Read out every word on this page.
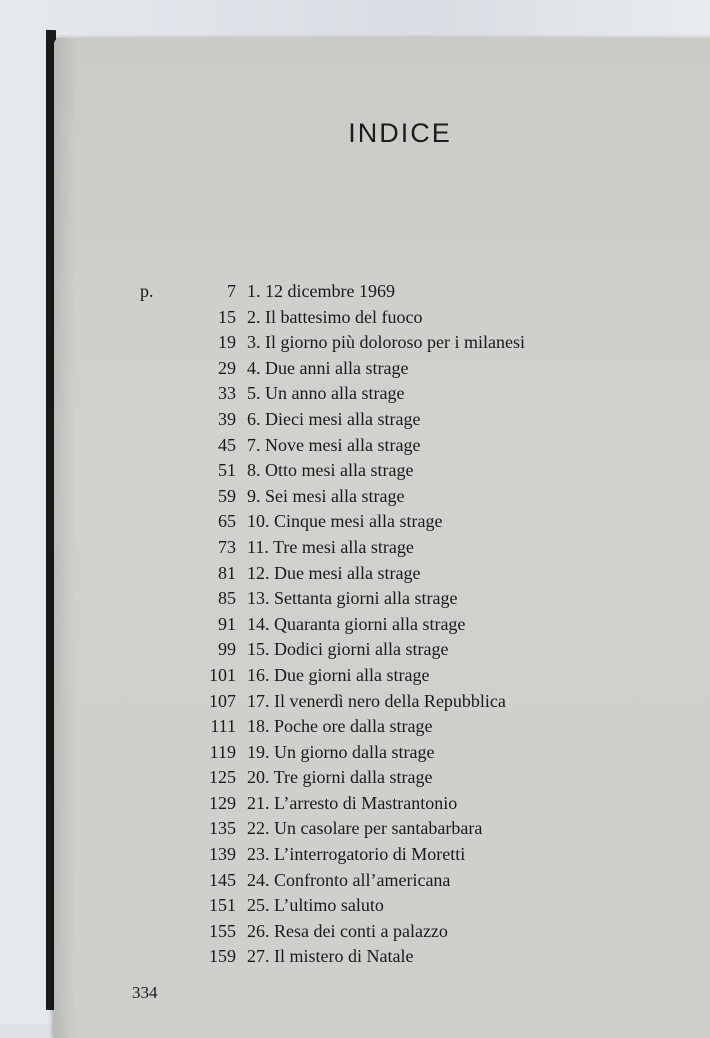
INDICE
p.	7 1. 12 dicembre 1969
15 2. Il battesimo del fuoco
19 3. Il giorno più doloroso per i milanesi
29 4. Due anni alla strage
33 5. Un anno alla strage
39 6. Dieci mesi alla strage
45 7. Nove mesi alla strage
51 8. Otto mesi alla strage
59 9. Sei mesi alla strage
65 10. Cinque mesi alla strage
73 11. Tre mesi alla strage
81 12. Due mesi alla strage
85 13. Settanta giorni alla strage
91 14. Quaranta giorni alla strage
99 15. Dodici giorni alla strage
101 16. Due giorni alla strage
107 17. Il venerdì nero della Repubblica
111 18. Poche ore dalla strage
119 19. Un giorno dalla strage
125 20. Tre giorni dalla strage
129 21. L’arresto di Mastrantonio
135 22. Un casolare per santabarbara
139 23. L’interrogatorio di Moretti
145 24. Confronto all’americana
151 25. L’ultimo saluto
155 26. Resa dei conti a palazzo
159 27. Il mistero di Natale
334
